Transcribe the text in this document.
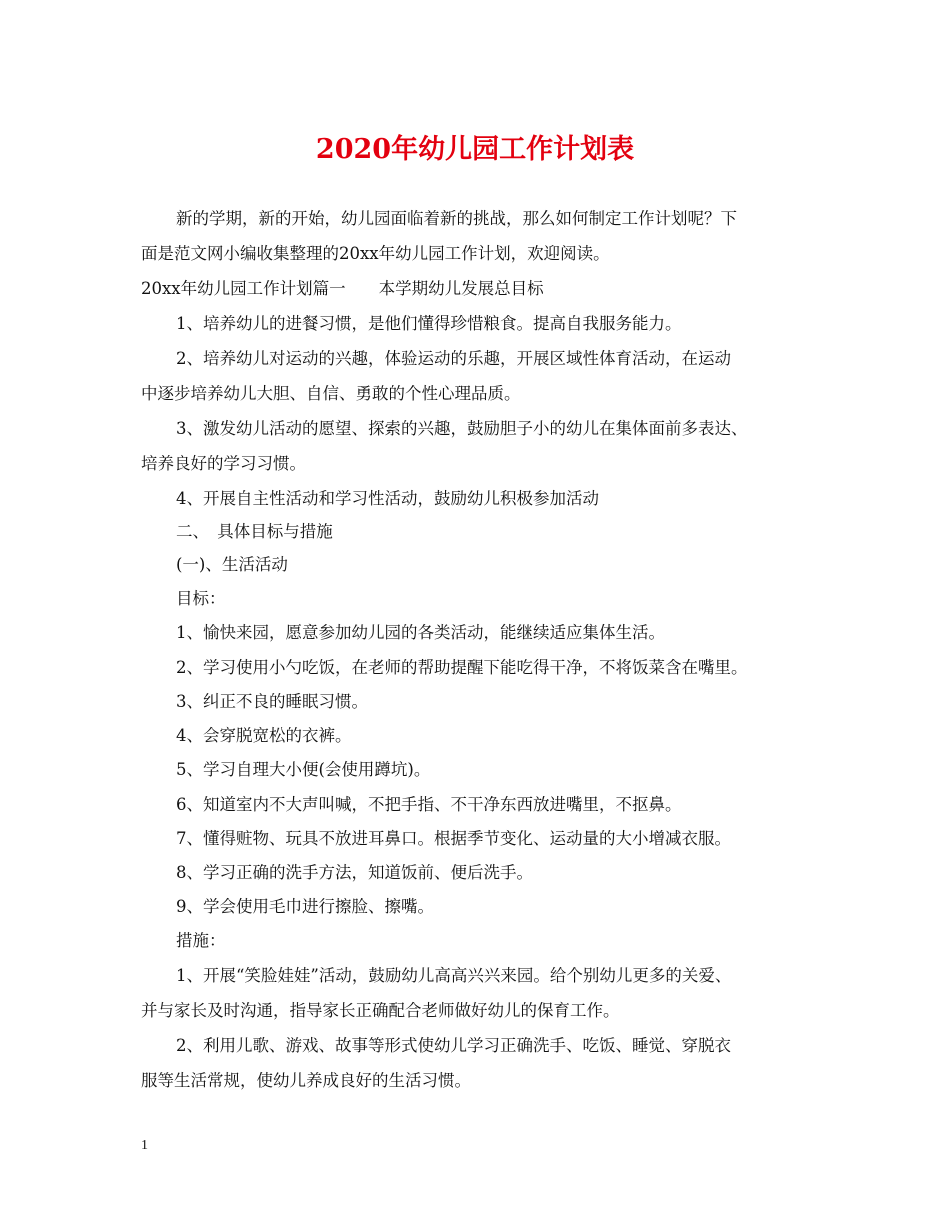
2020年幼儿园工作计划表
新的学期，新的开始，幼儿园面临着新的挑战，那么如何制定工作计划呢？下
面是范文网小编收集整理的20xx年幼儿园工作计划，欢迎阅读。
20xx年幼儿园工作计划篇一　　本学期幼儿发展总目标
1、培养幼儿的进餐习惯，是他们懂得珍惜粮食。提高自我服务能力。
2、培养幼儿对运动的兴趣，体验运动的乐趣，开展区域性体育活动，在运动
中逐步培养幼儿大胆、自信、勇敢的个性心理品质。
3、激发幼儿活动的愿望、探索的兴趣，鼓励胆子小的幼儿在集体面前多表达、
培养良好的学习习惯。
4、开展自主性活动和学习性活动，鼓励幼儿积极参加活动
二、　具体目标与措施
(一)、生活活动
目标：
1、愉快来园，愿意参加幼儿园的各类活动，能继续适应集体生活。
2、学习使用小勺吃饭，在老师的帮助提醒下能吃得干净，不将饭菜含在嘴里。
3、纠正不良的睡眠习惯。
4、会穿脱宽松的衣裤。
5、学习自理大小便(会使用蹲坑)。
6、知道室内不大声叫喊，不把手指、不干净东西放进嘴里，不抠鼻。
7、懂得赃物、玩具不放进耳鼻口。根据季节变化、运动量的大小增减衣服。
8、学习正确的洗手方法，知道饭前、便后洗手。
9、学会使用毛巾进行擦脸、擦嘴。
措施：
1、开展“笑脸娃娃”活动，鼓励幼儿高高兴兴来园。给个别幼儿更多的关爱、
并与家长及时沟通，指导家长正确配合老师做好幼儿的保育工作。
2、利用儿歌、游戏、故事等形式使幼儿学习正确洗手、吃饭、睡觉、穿脱衣
服等生活常规，使幼儿养成良好的生活习惯。
1
